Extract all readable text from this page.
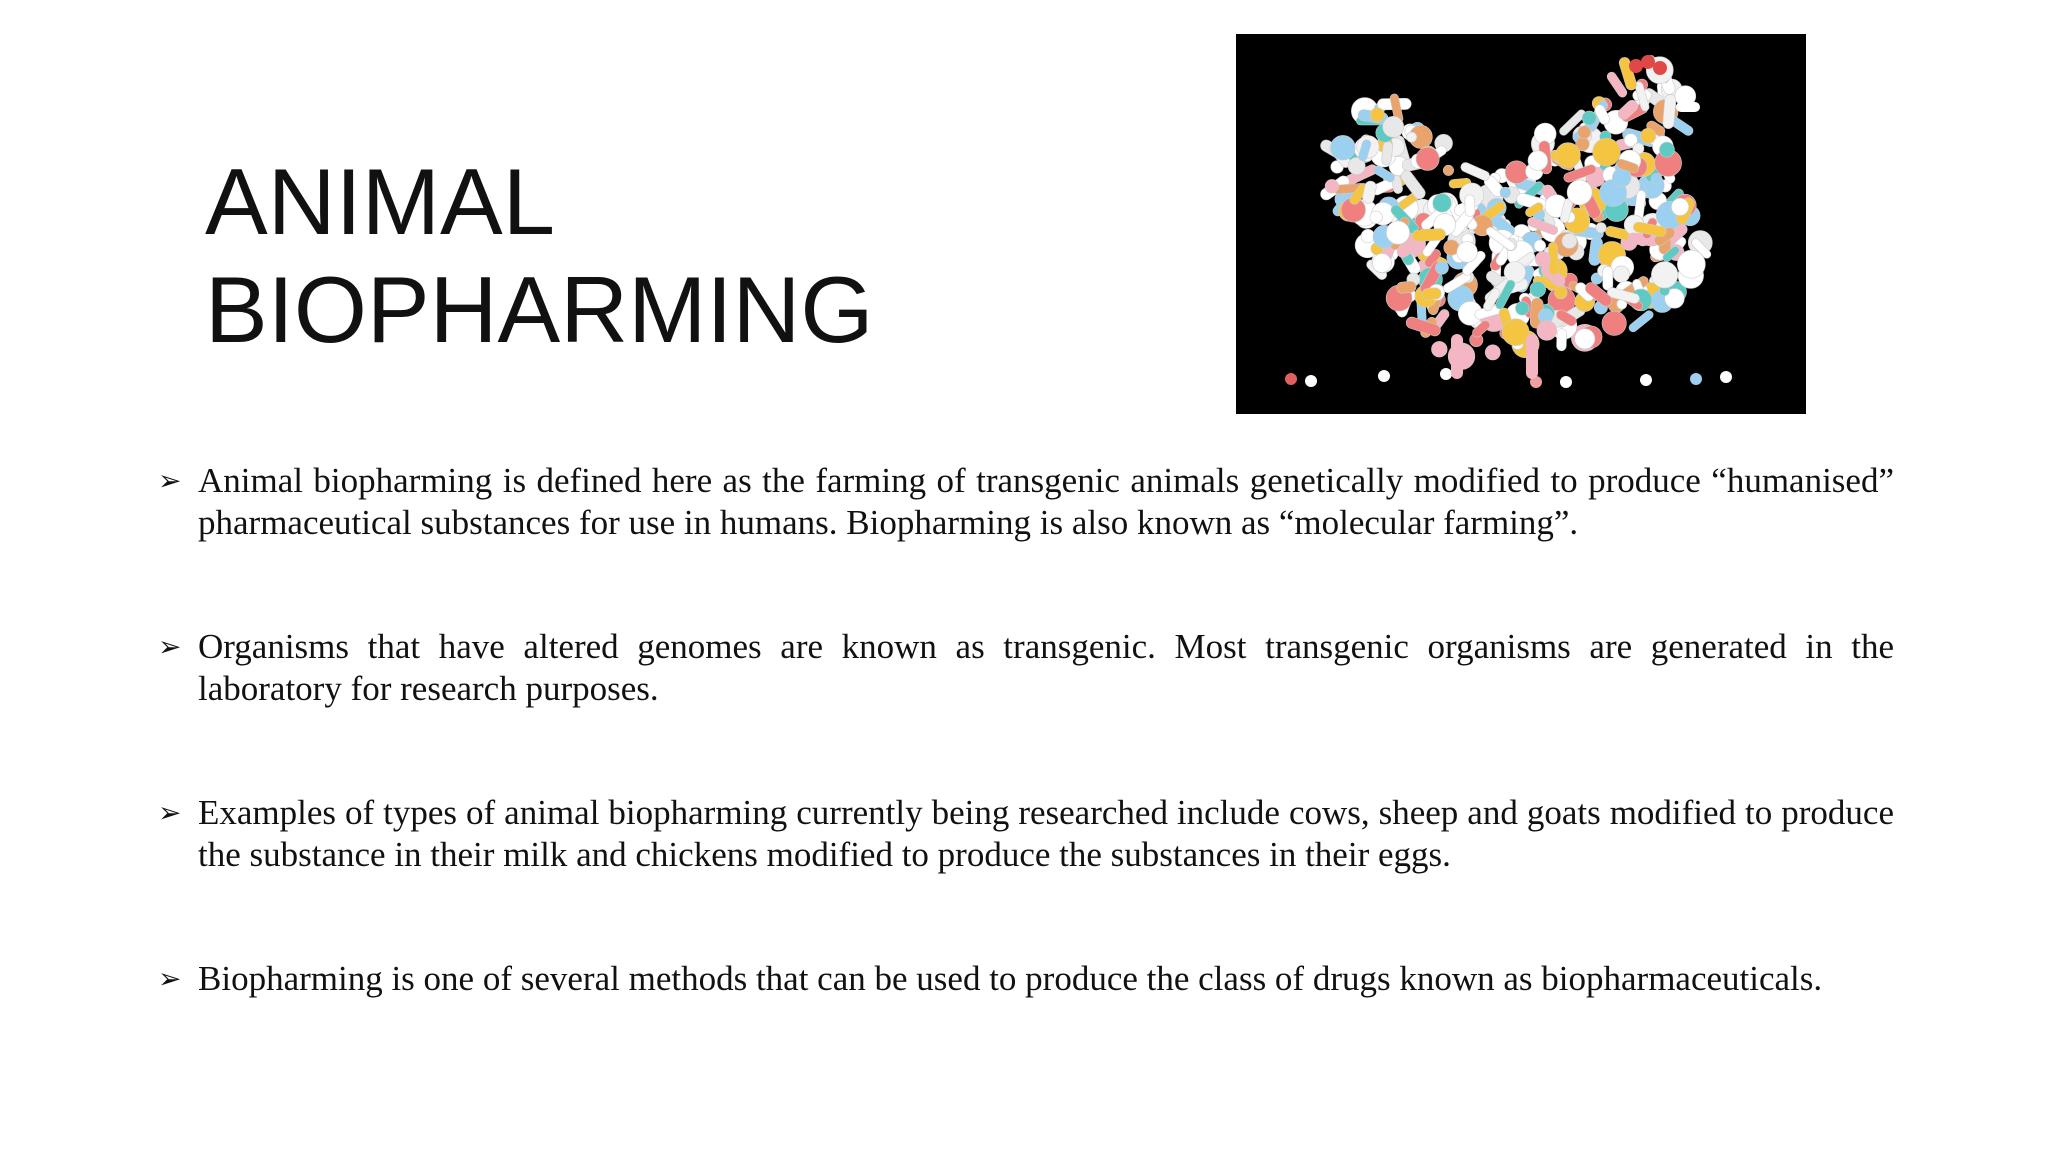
ANIMAL
BIOPHARMING
➢ Animal biopharming is defined here as the farming of transgenic animals genetically modified to produce “humanised” pharmaceutical substances for use in humans. Biopharming is also known as “molecular farming”.
➢ Organisms that have altered genomes are known as transgenic. Most transgenic organisms are generated in the laboratory for research purposes.
➢ Examples of types of animal biopharming currently being researched include cows, sheep and goats modified to produce the substance in their milk and chickens modified to produce the substances in their eggs.
➢ Biopharming is one of several methods that can be used to produce the class of drugs known as biopharmaceuticals.
